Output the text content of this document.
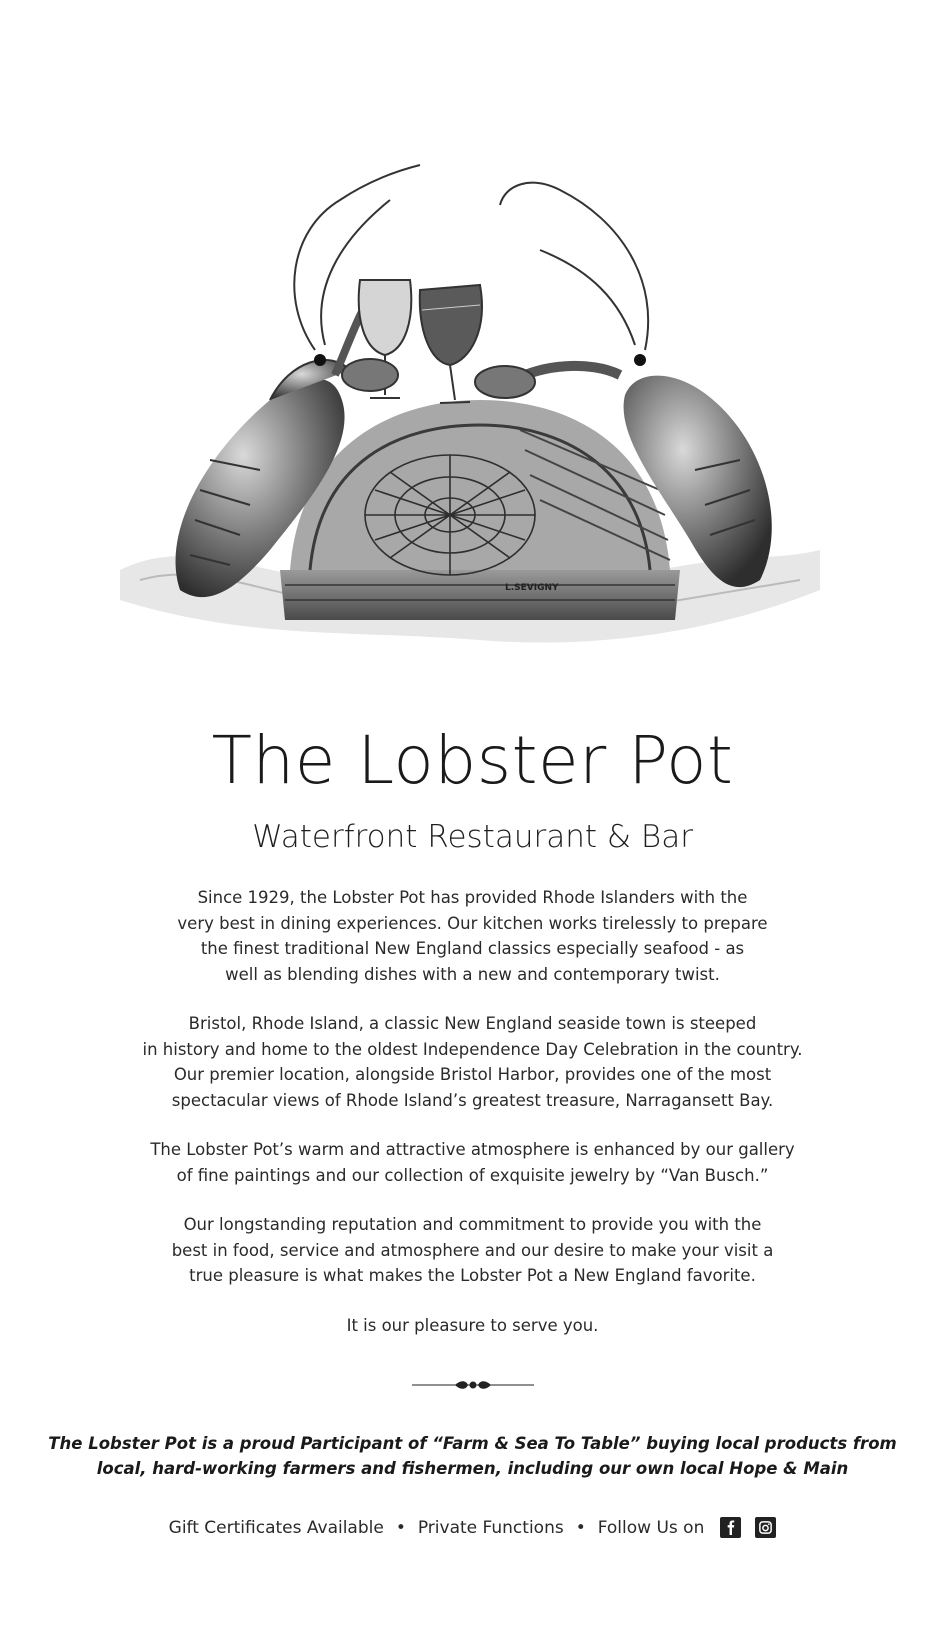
L.SEVIGNY
The Lobster Pot
Waterfront Restaurant & Bar

Since 1929, the Lobster Pot has provided Rhode Islanders with the
very best in dining experiences. Our kitchen works tirelessly to prepare
the finest traditional New England classics especially seafood - as
well as blending dishes with a new and contemporary twist.

Bristol, Rhode Island, a classic New England seaside town is steeped
in history and home to the oldest Independence Day Celebration in the country.
Our premier location, alongside Bristol Harbor, provides one of the most
spectacular views of Rhode Island’s greatest treasure, Narragansett Bay.

The Lobster Pot’s warm and attractive atmosphere is enhanced by our gallery
of fine paintings and our collection of exquisite jewelry by “Van Busch.”

Our longstanding reputation and commitment to provide you with the
best in food, service and atmosphere and our desire to make your visit a
true pleasure is what makes the Lobster Pot a New England favorite.

It is our pleasure to serve you.

The Lobster Pot is a proud Participant of “Farm & Sea To Table” buying local products from
local, hard-working farmers and fishermen, including our own local Hope & Main
Gift Certificates Available • Private Functions • Follow Us on
